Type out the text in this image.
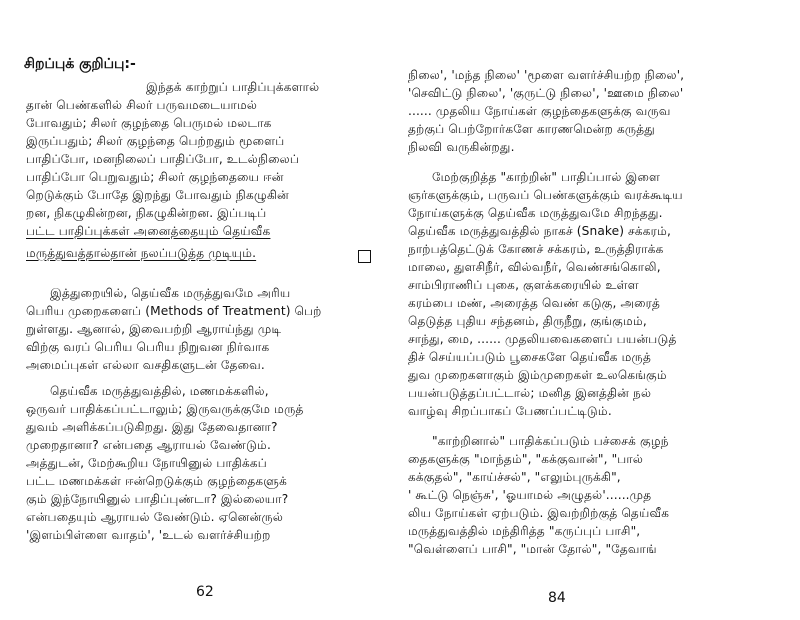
சிறப்புக் குறிப்பு:-
இந்தக் காற்றுப் பாதிப்புக்களால்
தான் பெண்களில் சிலர் பருவமடையாமல்
போவதும்; சிலர் குழந்தை பெருமல் மலடாக
இருப்பதும்; சிலர் குழந்தை பெற்றதும் மூளைப்
பாதிப்போ, மனநிலைப் பாதிப்போ, உடல்நிலைப்
பாதிப்போ பெறுவதும்; சிலர் குழந்தையை ஈன்
றெடுக்கும் போதே இறந்து போவதும் நிகழுகின்
றன, நிகழுகின்றன, நிகழுகின்றன. இப்படிப்
பட்ட பாதிப்புக்கள் அனைத்தையும் தெய்வீக
மருத்துவத்தால்தான் நலப்படுத்த முடியும்.
இத்துறையில், தெய்வீக மருத்துவமே அரிய
பெரிய முறைகளைப் (Methods of Treatment) பெற்
றுள்ளது. ஆனால், இவைபற்றி ஆராய்ந்து முடி
விற்கு வரப் பெரிய பெரிய நிறுவன நிர்வாக
அமைப்புகள் எல்லா வசதிகளுடன் தேவை.
தெய்வீக மருத்துவத்தில், மணமக்களில்,
ஒருவர் பாதிக்கப்பட்டாலும்; இருவருக்குமே மருத்
துவம் அளிக்கப்படுகிறது. இது தேவைதானா?
முறைதானா? என்பதை ஆராயல் வேண்டும்.
அத்துடன், மேற்கூறிய நோயினுல் பாதிக்கப்
பட்ட மணமக்கள் ஈன்றெடுக்கும் குழந்தைகளுக்
கும் இந்நோயினுல் பாதிப்புண்டா? இல்லையா?
என்பதையும் ஆராயல் வேண்டும். ஏனென்ருல்
'இளம்பிள்ளை வாதம்', 'உடல் வளர்ச்சியற்ற
62
நிலை', 'மந்த நிலை' 'மூளை வளர்ச்சியற்ற நிலை',
'செவிட்டு நிலை', 'குருட்டு நிலை', 'ஊமை நிலை'
...... முதலிய நோய்கள் குழந்தைகளுக்கு வருவ
தற்குப் பெற்றோர்களே காரணமென்ற கருத்து
நிலவி வருகின்றது.
மேற்குறித்த "காற்றின்" பாதிப்பால் இளை
ஞர்களுக்கும், பருவப் பெண்களுக்கும் வரக்கூடிய
நோய்களுக்கு தெய்வீக மருத்துவமே சிறந்தது.
தெய்வீக மருத்துவத்தில் நாகச் (Snake) சக்கரம்,
நாற்பத்தெட்டுக் கோணச் சக்கரம், உருத்திராக்க
மாலை, துளசிநீர், வில்வநீர், வெண்சங்கொலி,
சாம்பிராணிப் புகை, குளக்கரையில் உள்ள
கரம்பை மண், அரைத்த வெண் கடுகு, அரைத்
தெடுத்த புதிய சந்தனம், திருநீறு, குங்குமம்,
சாந்து, மை, ...... முதலியவைகளைப் பயன்படுத்
திச் செய்யப்படும் பூசைகளே தெய்வீக மருத்
துவ முறைகளாகும் இம்முறைகள் உலகெங்கும்
பயன்படுத்தப்பட்டால்; மனித இனத்தின் நல்
வாழ்வு சிறப்பாகப் பேணப்பட்டிடும்.
"காற்றினால்" பாதிக்கப்படும் பச்சைக் குழந்
தைகளுக்கு "மாந்தம்", "கக்குவான்", "பால்
கக்குதல்", "காய்ச்சல்", "எலும்புருக்கி",
' கூட்டு நெஞ்சு', 'ஓயாமல் அழுதல்'......முத
லிய நோய்கள் ஏற்படும். இவற்றிற்குத் தெய்வீக
மருத்துவத்தில் மந்திரித்த "கருப்புப் பாசி",
"வெள்ளைப் பாசி", "மான் தோல்", "தேவாங்
84
